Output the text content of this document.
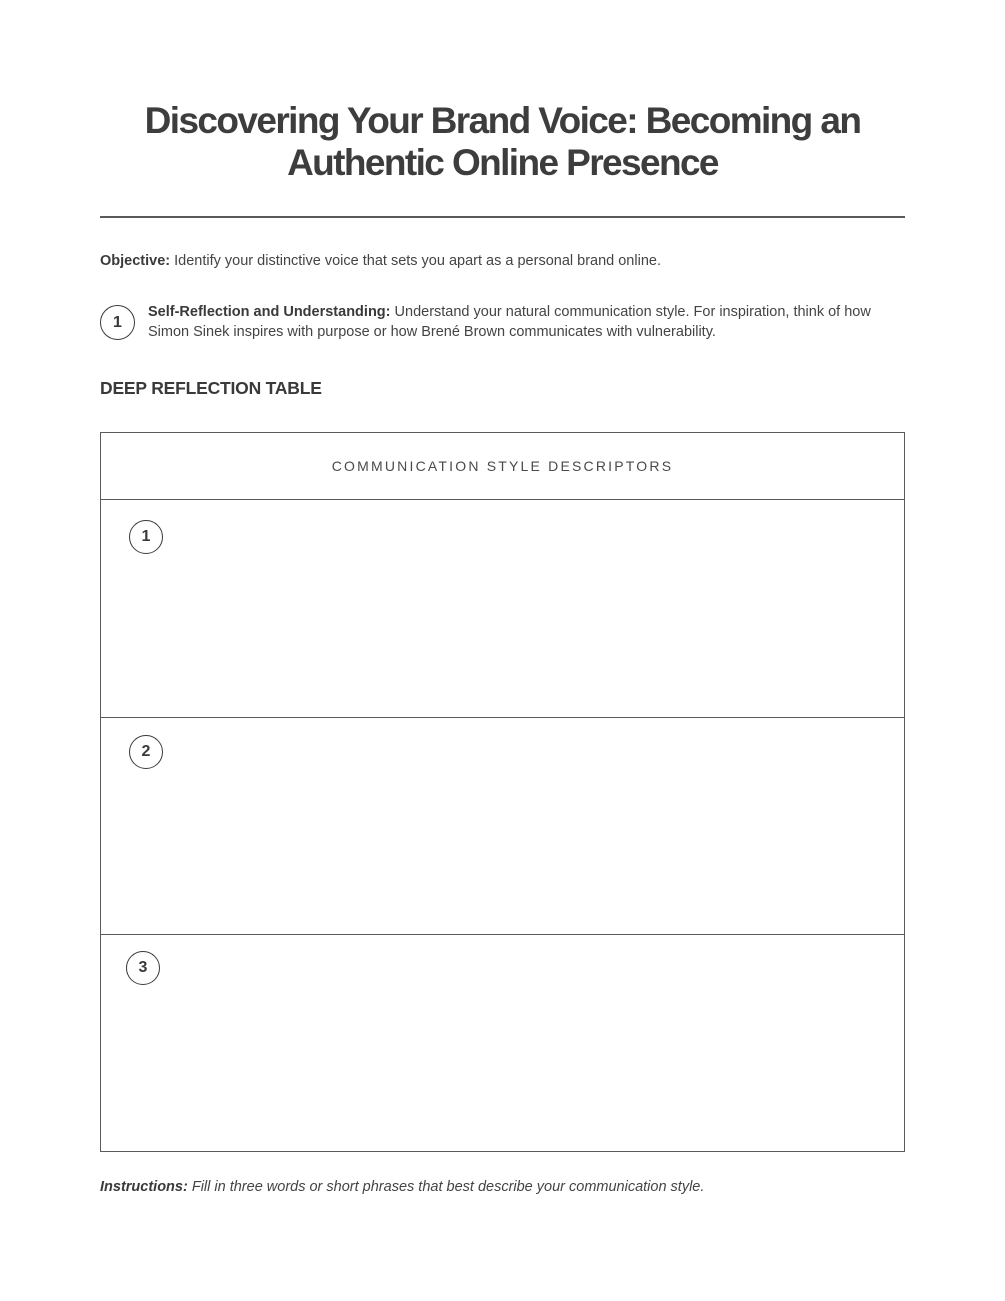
Discovering Your Brand Voice: Becoming an Authentic Online Presence
Objective: Identify your distinctive voice that sets you apart as a personal brand online.
1
Self-Reflection and Understanding: Understand your natural communication style. For inspiration, think of how Simon Sinek inspires with purpose or how Brené Brown communicates with vulnerability.
DEEP REFLECTION TABLE
COMMUNICATION STYLE DESCRIPTORS
1
2
3
Instructions: Fill in three words or short phrases that best describe your communication style.
